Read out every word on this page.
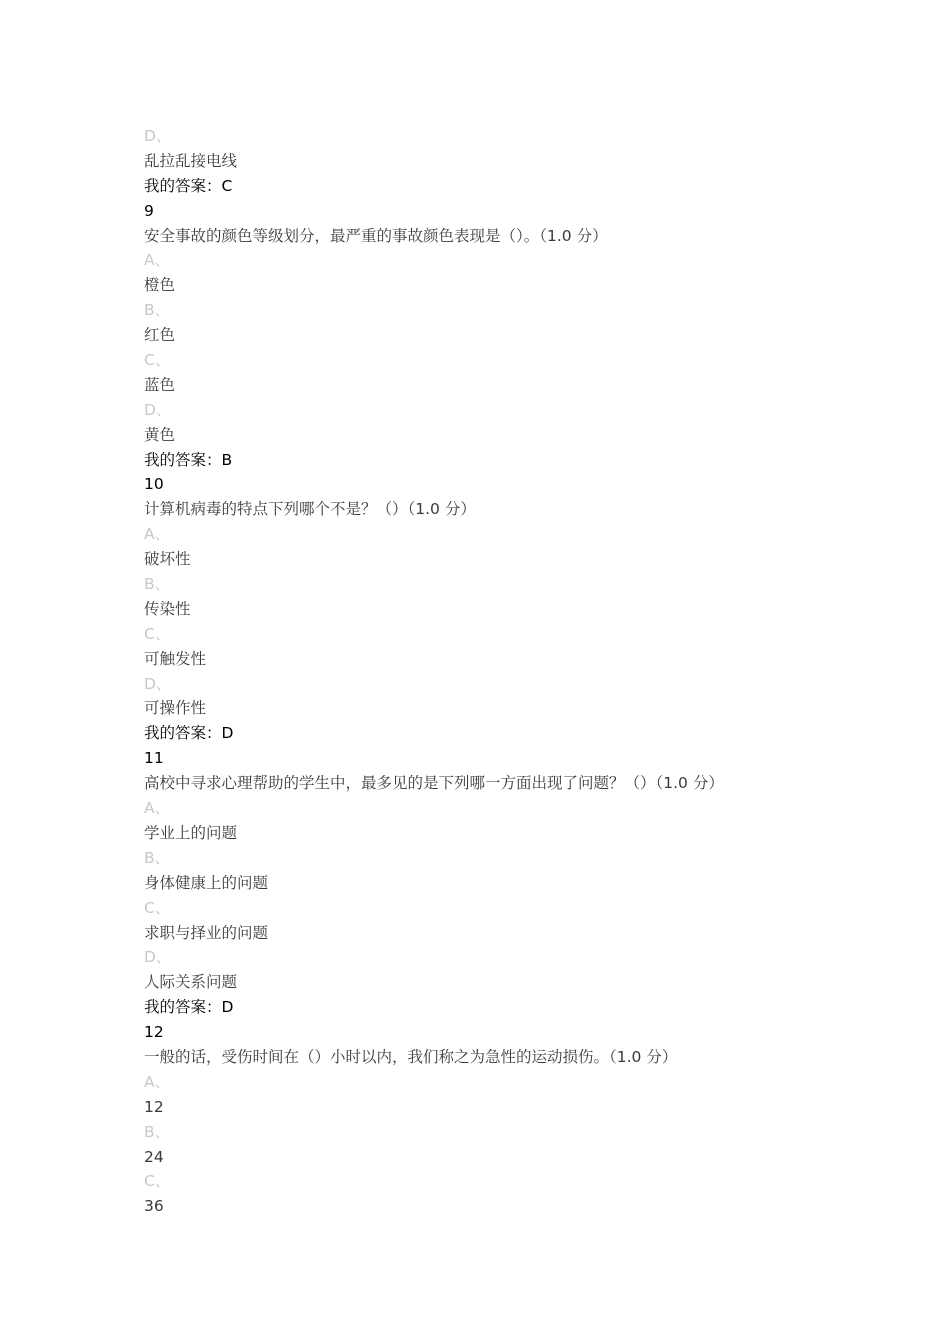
D、
乱拉乱接电线
我的答案：C
9
安全事故的颜色等级划分，最严重的事故颜色表现是（）。（1.0 分）
A、
橙色
B、
红色
C、
蓝色
D、
黄色
我的答案：B
10
计算机病毒的特点下列哪个不是？（）（1.0 分）
A、
破坏性
B、
传染性
C、
可触发性
D、
可操作性
我的答案：D
11
高校中寻求心理帮助的学生中，最多见的是下列哪一方面出现了问题？（）（1.0 分）
A、
学业上的问题
B、
身体健康上的问题
C、
求职与择业的问题
D、
人际关系问题
我的答案：D
12
一般的话，受伤时间在（）小时以内，我们称之为急性的运动损伤。（1.0 分）
A、
12
B、
24
C、
36
